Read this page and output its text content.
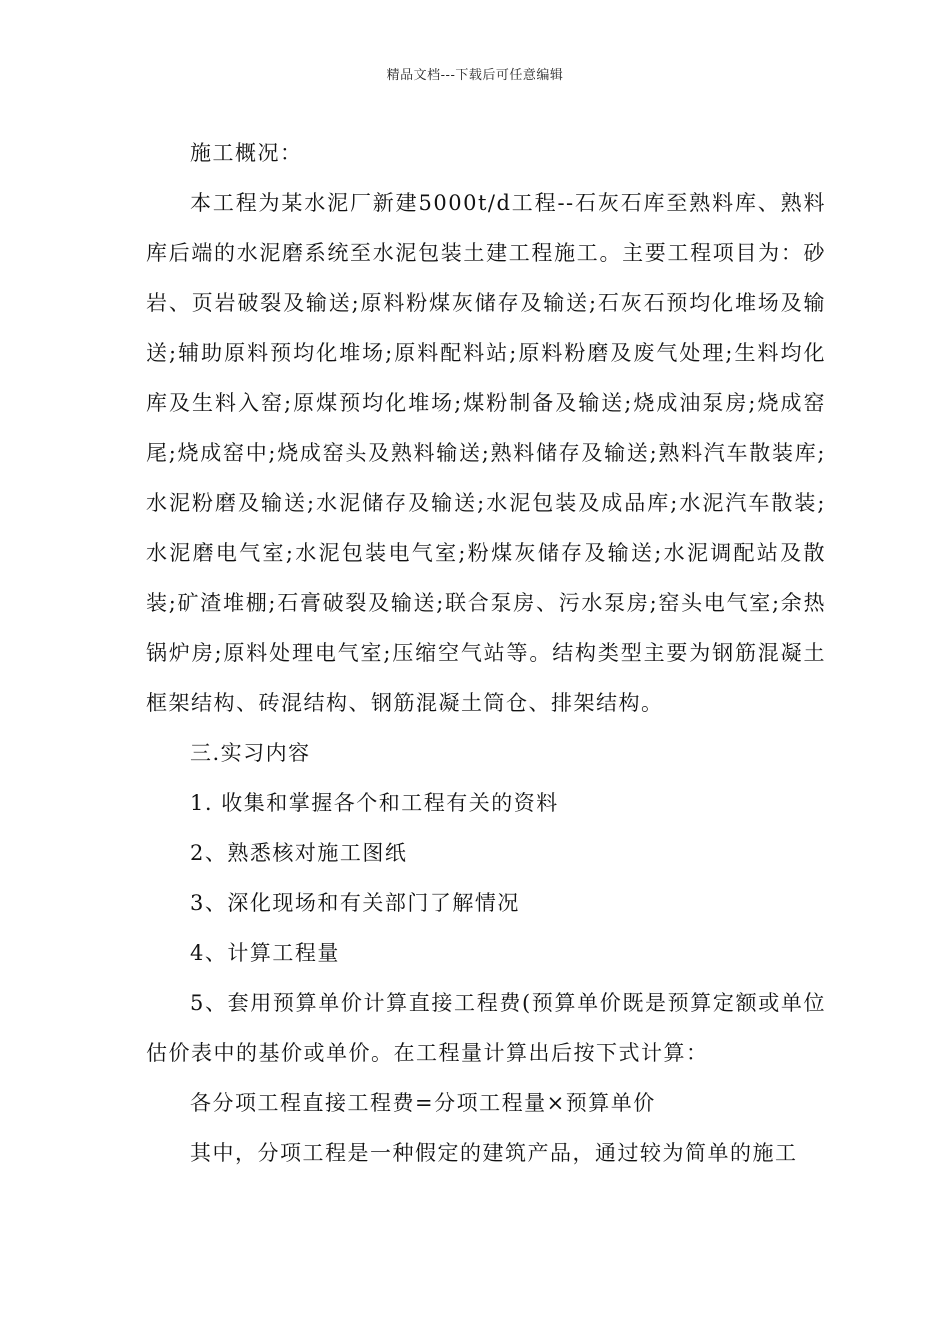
精品文档---下载后可任意编辑

施工概况：

本工程为某水泥厂新建5000t/d工程--石灰石库至熟料库、熟料库后端的水泥磨系统至水泥包装土建工程施工。主要工程项目为：砂岩、页岩破裂及输送;原料粉煤灰储存及输送;石灰石预均化堆场及输送;辅助原料预均化堆场;原料配料站;原料粉磨及废气处理;生料均化库及生料入窑;原煤预均化堆场;煤粉制备及输送;烧成油泵房;烧成窑尾;烧成窑中;烧成窑头及熟料输送;熟料储存及输送;熟料汽车散装库;水泥粉磨及输送;水泥储存及输送;水泥包装及成品库;水泥汽车散装;水泥磨电气室;水泥包装电气室;粉煤灰储存及输送;水泥调配站及散装;矿渣堆棚;石膏破裂及输送;联合泵房、污水泵房;窑头电气室;余热锅炉房;原料处理电气室;压缩空气站等。结构类型主要为钢筋混凝土框架结构、砖混结构、钢筋混凝土筒仓、排架结构。

三.实习内容

1. 收集和掌握各个和工程有关的资料

2、熟悉核对施工图纸

3、深化现场和有关部门了解情况

4、计算工程量

5、套用预算单价计算直接工程费(预算单价既是预算定额或单位估价表中的基价或单价。在工程量计算出后按下式计算：

各分项工程直接工程费=分项工程量×预算单价

其中，分项工程是一种假定的建筑产品，通过较为简单的施工
